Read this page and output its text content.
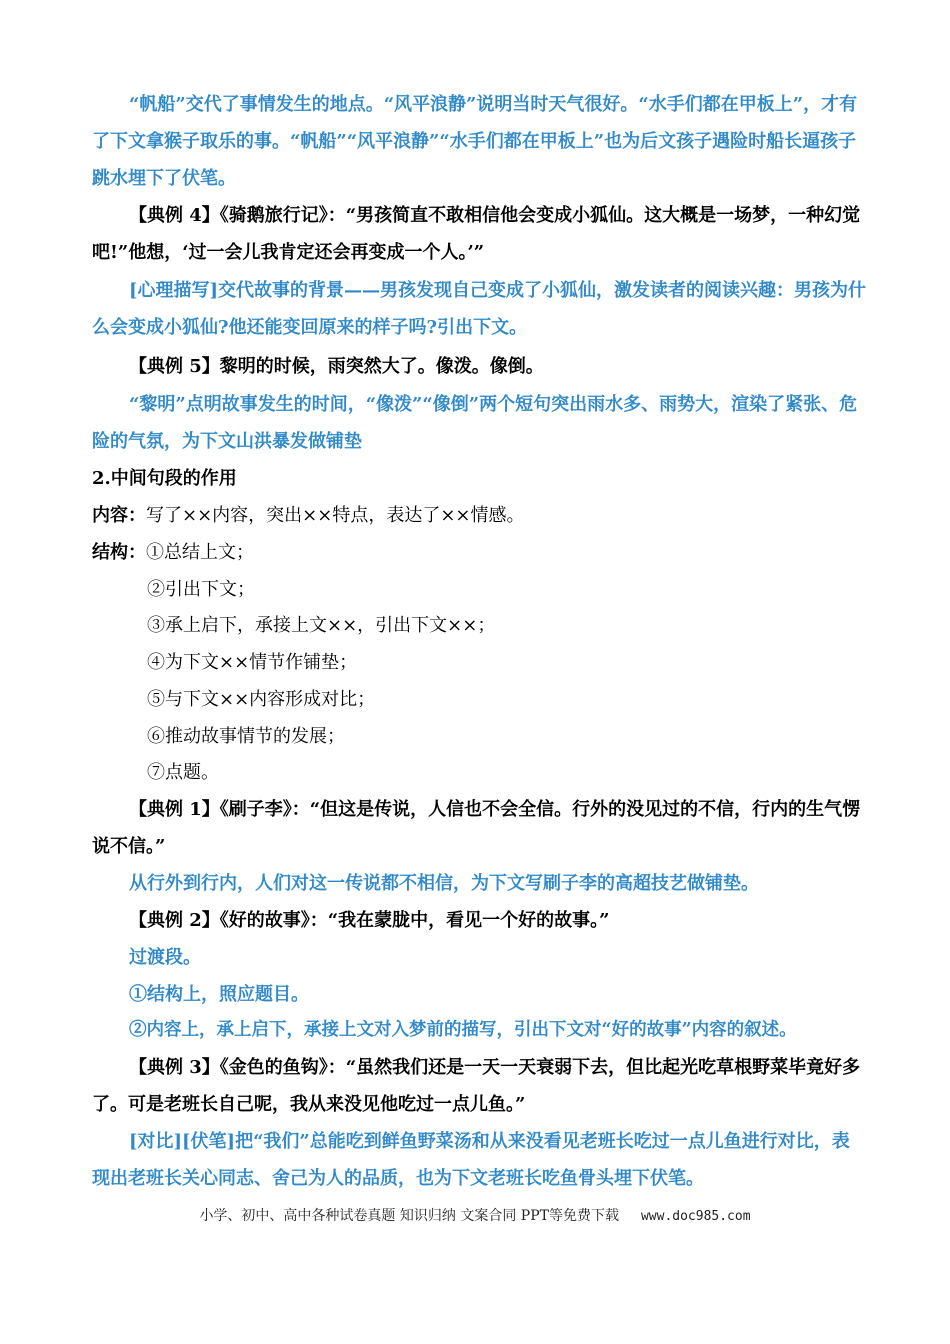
“帆船”交代了事情发生的地点。“风平浪静”说明当时天气很好。“水手们都在甲板上”，才有了下文拿猴子取乐的事。“帆船”“风平浪静”“水手们都在甲板上”也为后文孩子遇险时船长逼孩子跳水埋下了伏笔。

【典例 4】《骑鹅旅行记》：“男孩简直不敢相信他会变成小狐仙。这大概是一场梦，一种幻觉吧!”他想，‘过一会儿我肯定还会再变成一个人。’”

[心理描写]交代故事的背景——男孩发现自己变成了小狐仙，激发读者的阅读兴趣：男孩为什么会变成小狐仙?他还能变回原来的样子吗?引出下文。

【典例 5】黎明的时候，雨突然大了。像泼。像倒。

“黎明”点明故事发生的时间，“像泼”“像倒”两个短句突出雨水多、雨势大，渲染了紧张、危险的气氛，为下文山洪暴发做铺垫

2.中间句段的作用

内容：写了××内容，突出××特点，表达了××情感。

结构：①总结上文；

②引出下文；

③承上启下，承接上文××，引出下文××；

④为下文××情节作铺垫；

⑤与下文××内容形成对比；

⑥推动故事情节的发展；

⑦点题。

【典例 1】《刷子李》：“但这是传说，人信也不会全信。行外的没见过的不信，行内的生气愣说不信。”

从行外到行内，人们对这一传说都不相信，为下文写刷子李的高超技艺做铺垫。

【典例 2】《好的故事》：“我在蒙胧中，看见一个好的故事。”

过渡段。

①结构上，照应题目。

②内容上，承上启下，承接上文对入梦前的描写，引出下文对“好的故事”内容的叙述。

【典例 3】《金色的鱼钩》：“虽然我们还是一天一天衰弱下去，但比起光吃草根野菜毕竟好多了。可是老班长自己呢，我从来没见他吃过一点儿鱼。”

[对比][伏笔]把“我们”总能吃到鲜鱼野菜汤和从来没看见老班长吃过一点儿鱼进行对比，表现出老班长关心同志、舍己为人的品质，也为下文老班长吃鱼骨头埋下伏笔。

小学、初中、高中各种试卷真题 知识归纳 文案合同 PPT等免费下载 www.doc985.com
